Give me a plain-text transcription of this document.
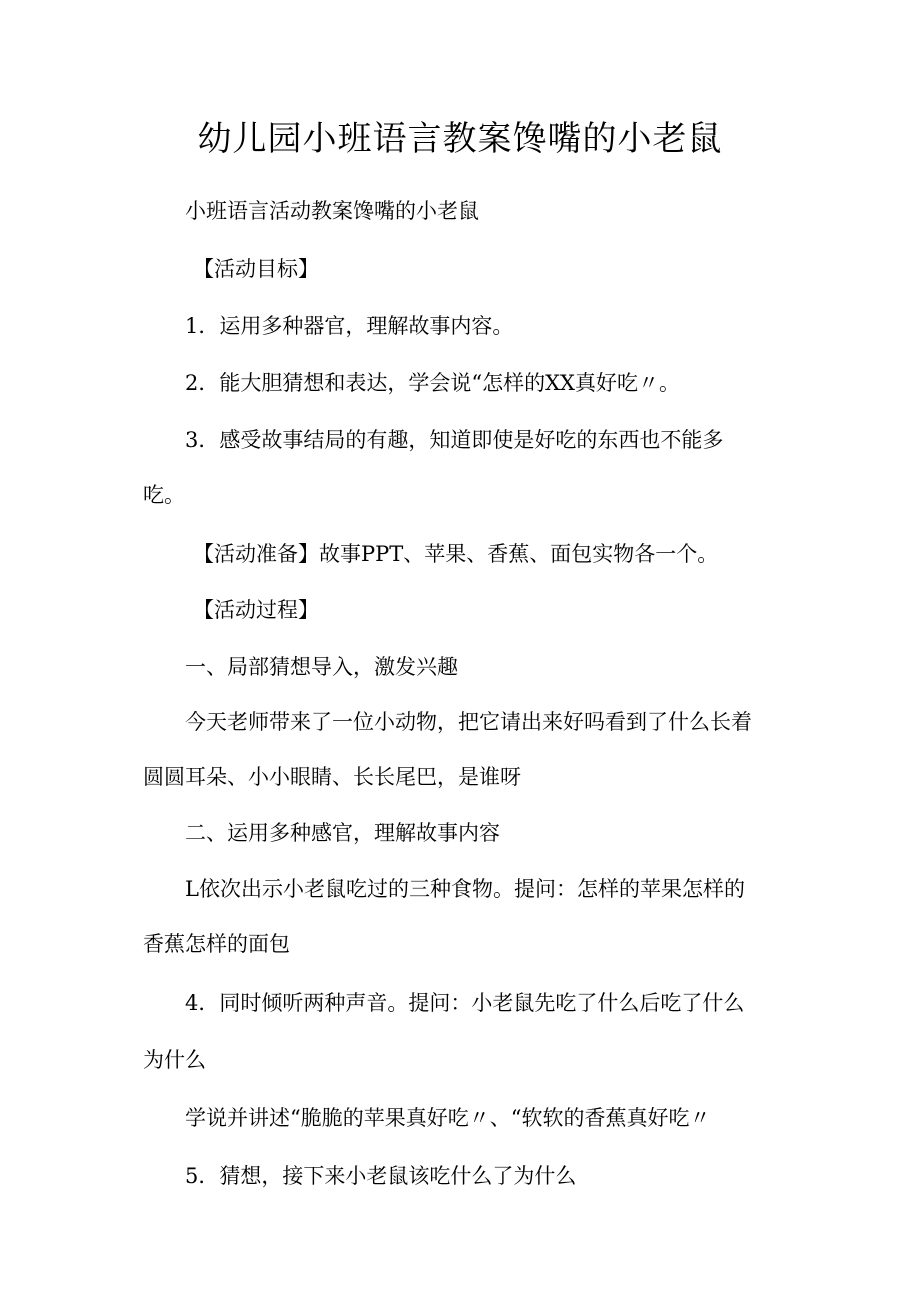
幼儿园小班语言教案馋嘴的小老鼠
小班语言活动教案馋嘴的小老鼠
【活动目标】
1．运用多种器官，理解故事内容。
2．能大胆猜想和表达，学会说“怎样的XX真好吃〃。
3．感受故事结局的有趣，知道即使是好吃的东西也不能多
吃。
【活动准备】故事PPT、苹果、香蕉、面包实物各一个。
【活动过程】
一、局部猜想导入，激发兴趣
今天老师带来了一位小动物，把它请出来好吗看到了什么长着
圆圆耳朵、小小眼睛、长长尾巴，是谁呀
二、运用多种感官，理解故事内容
L依次出示小老鼠吃过的三种食物。提问：怎样的苹果怎样的
香蕉怎样的面包
4．同时倾听两种声音。提问：小老鼠先吃了什么后吃了什么
为什么
学说并讲述“脆脆的苹果真好吃〃、“软软的香蕉真好吃〃
5．猜想，接下来小老鼠该吃什么了为什么
